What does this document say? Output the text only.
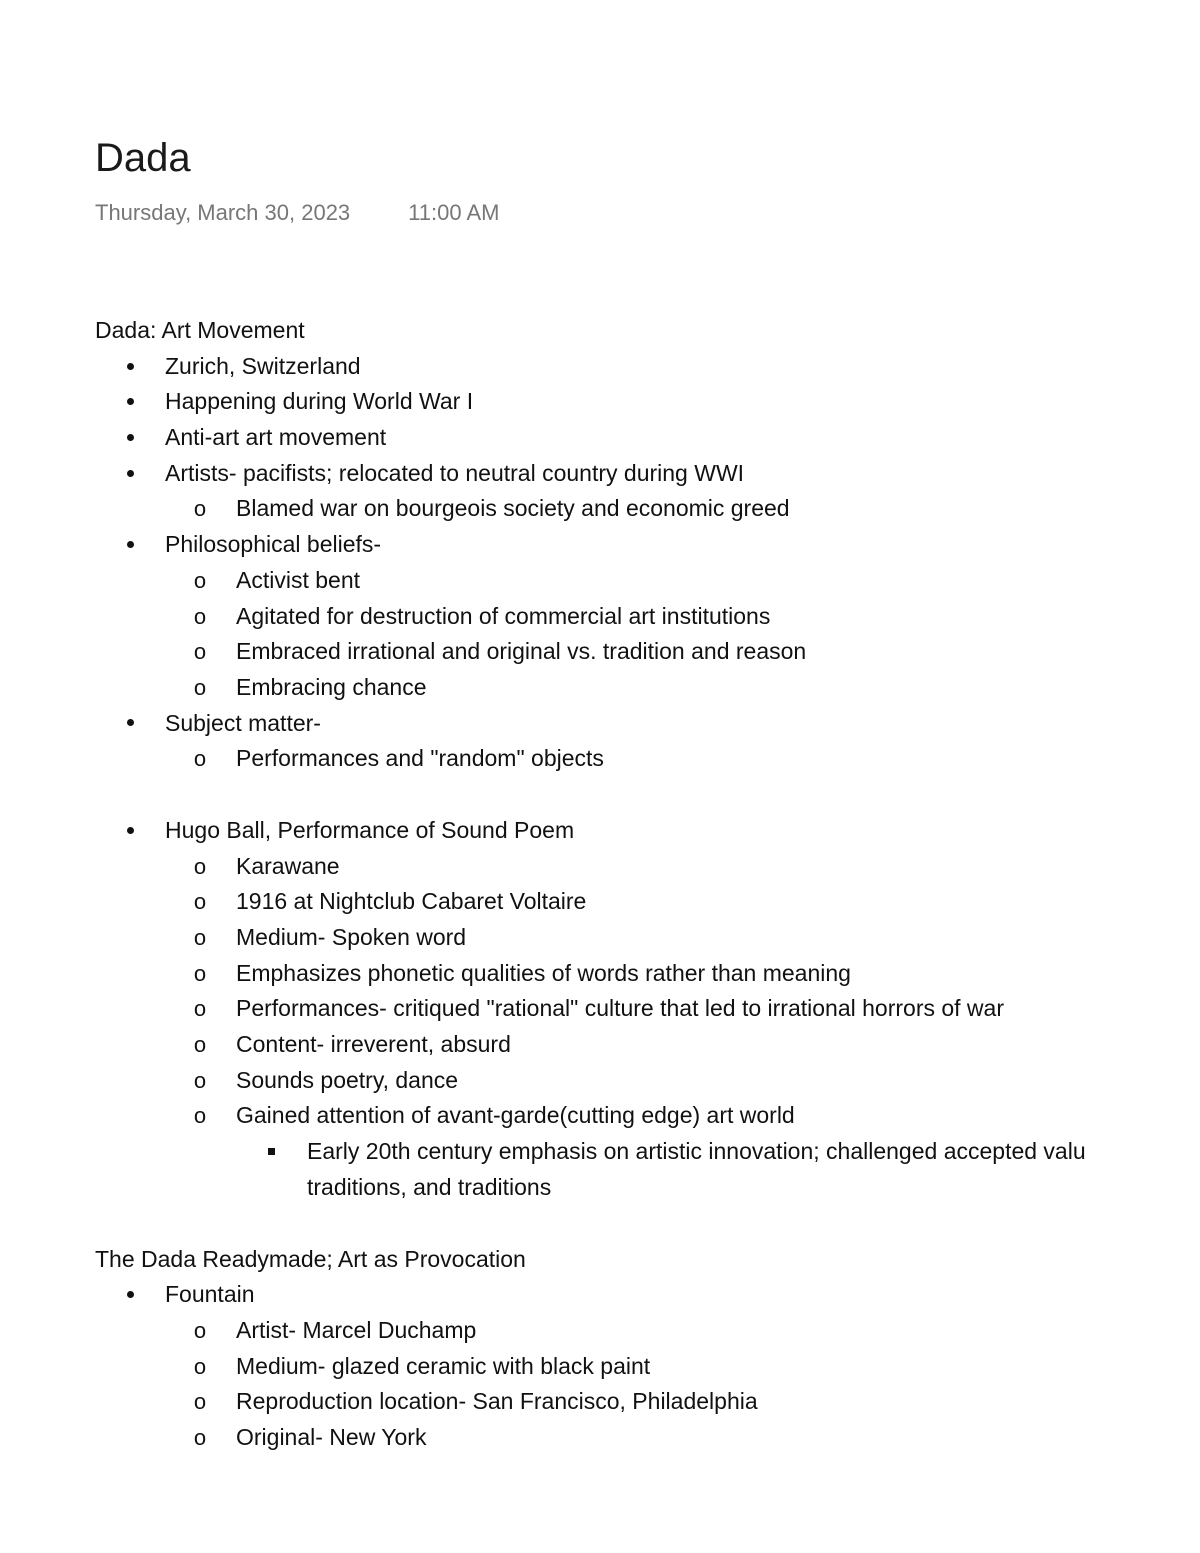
Dada
Thursday, March 30, 2023	11:00 AM
Dada: Art Movement
Zurich, Switzerland
Happening during World War I
Anti-art art movement
Artists- pacifists; relocated to neutral country during WWI
o Blamed war on bourgeois society and economic greed
Philosophical beliefs-
o Activist bent
o Agitated for destruction of commercial art institutions
o Embraced irrational and original vs. tradition and reason
o Embracing chance
Subject matter-
o Performances and "random" objects
Hugo Ball, Performance of Sound Poem
o Karawane
o 1916 at Nightclub Cabaret Voltaire
o Medium- Spoken word
o Emphasizes phonetic qualities of words rather than meaning
o Performances- critiqued "rational" culture that led to irrational horrors of war
o Content- irreverent, absurd
o Sounds poetry, dance
o Gained attention of avant-garde(cutting edge) art world
Early 20th century emphasis on artistic innovation; challenged accepted valu
traditions, and traditions
The Dada Readymade; Art as Provocation
Fountain
o Artist- Marcel Duchamp
o Medium- glazed ceramic with black paint
o Reproduction location- San Francisco, Philadelphia
o Original- New York
